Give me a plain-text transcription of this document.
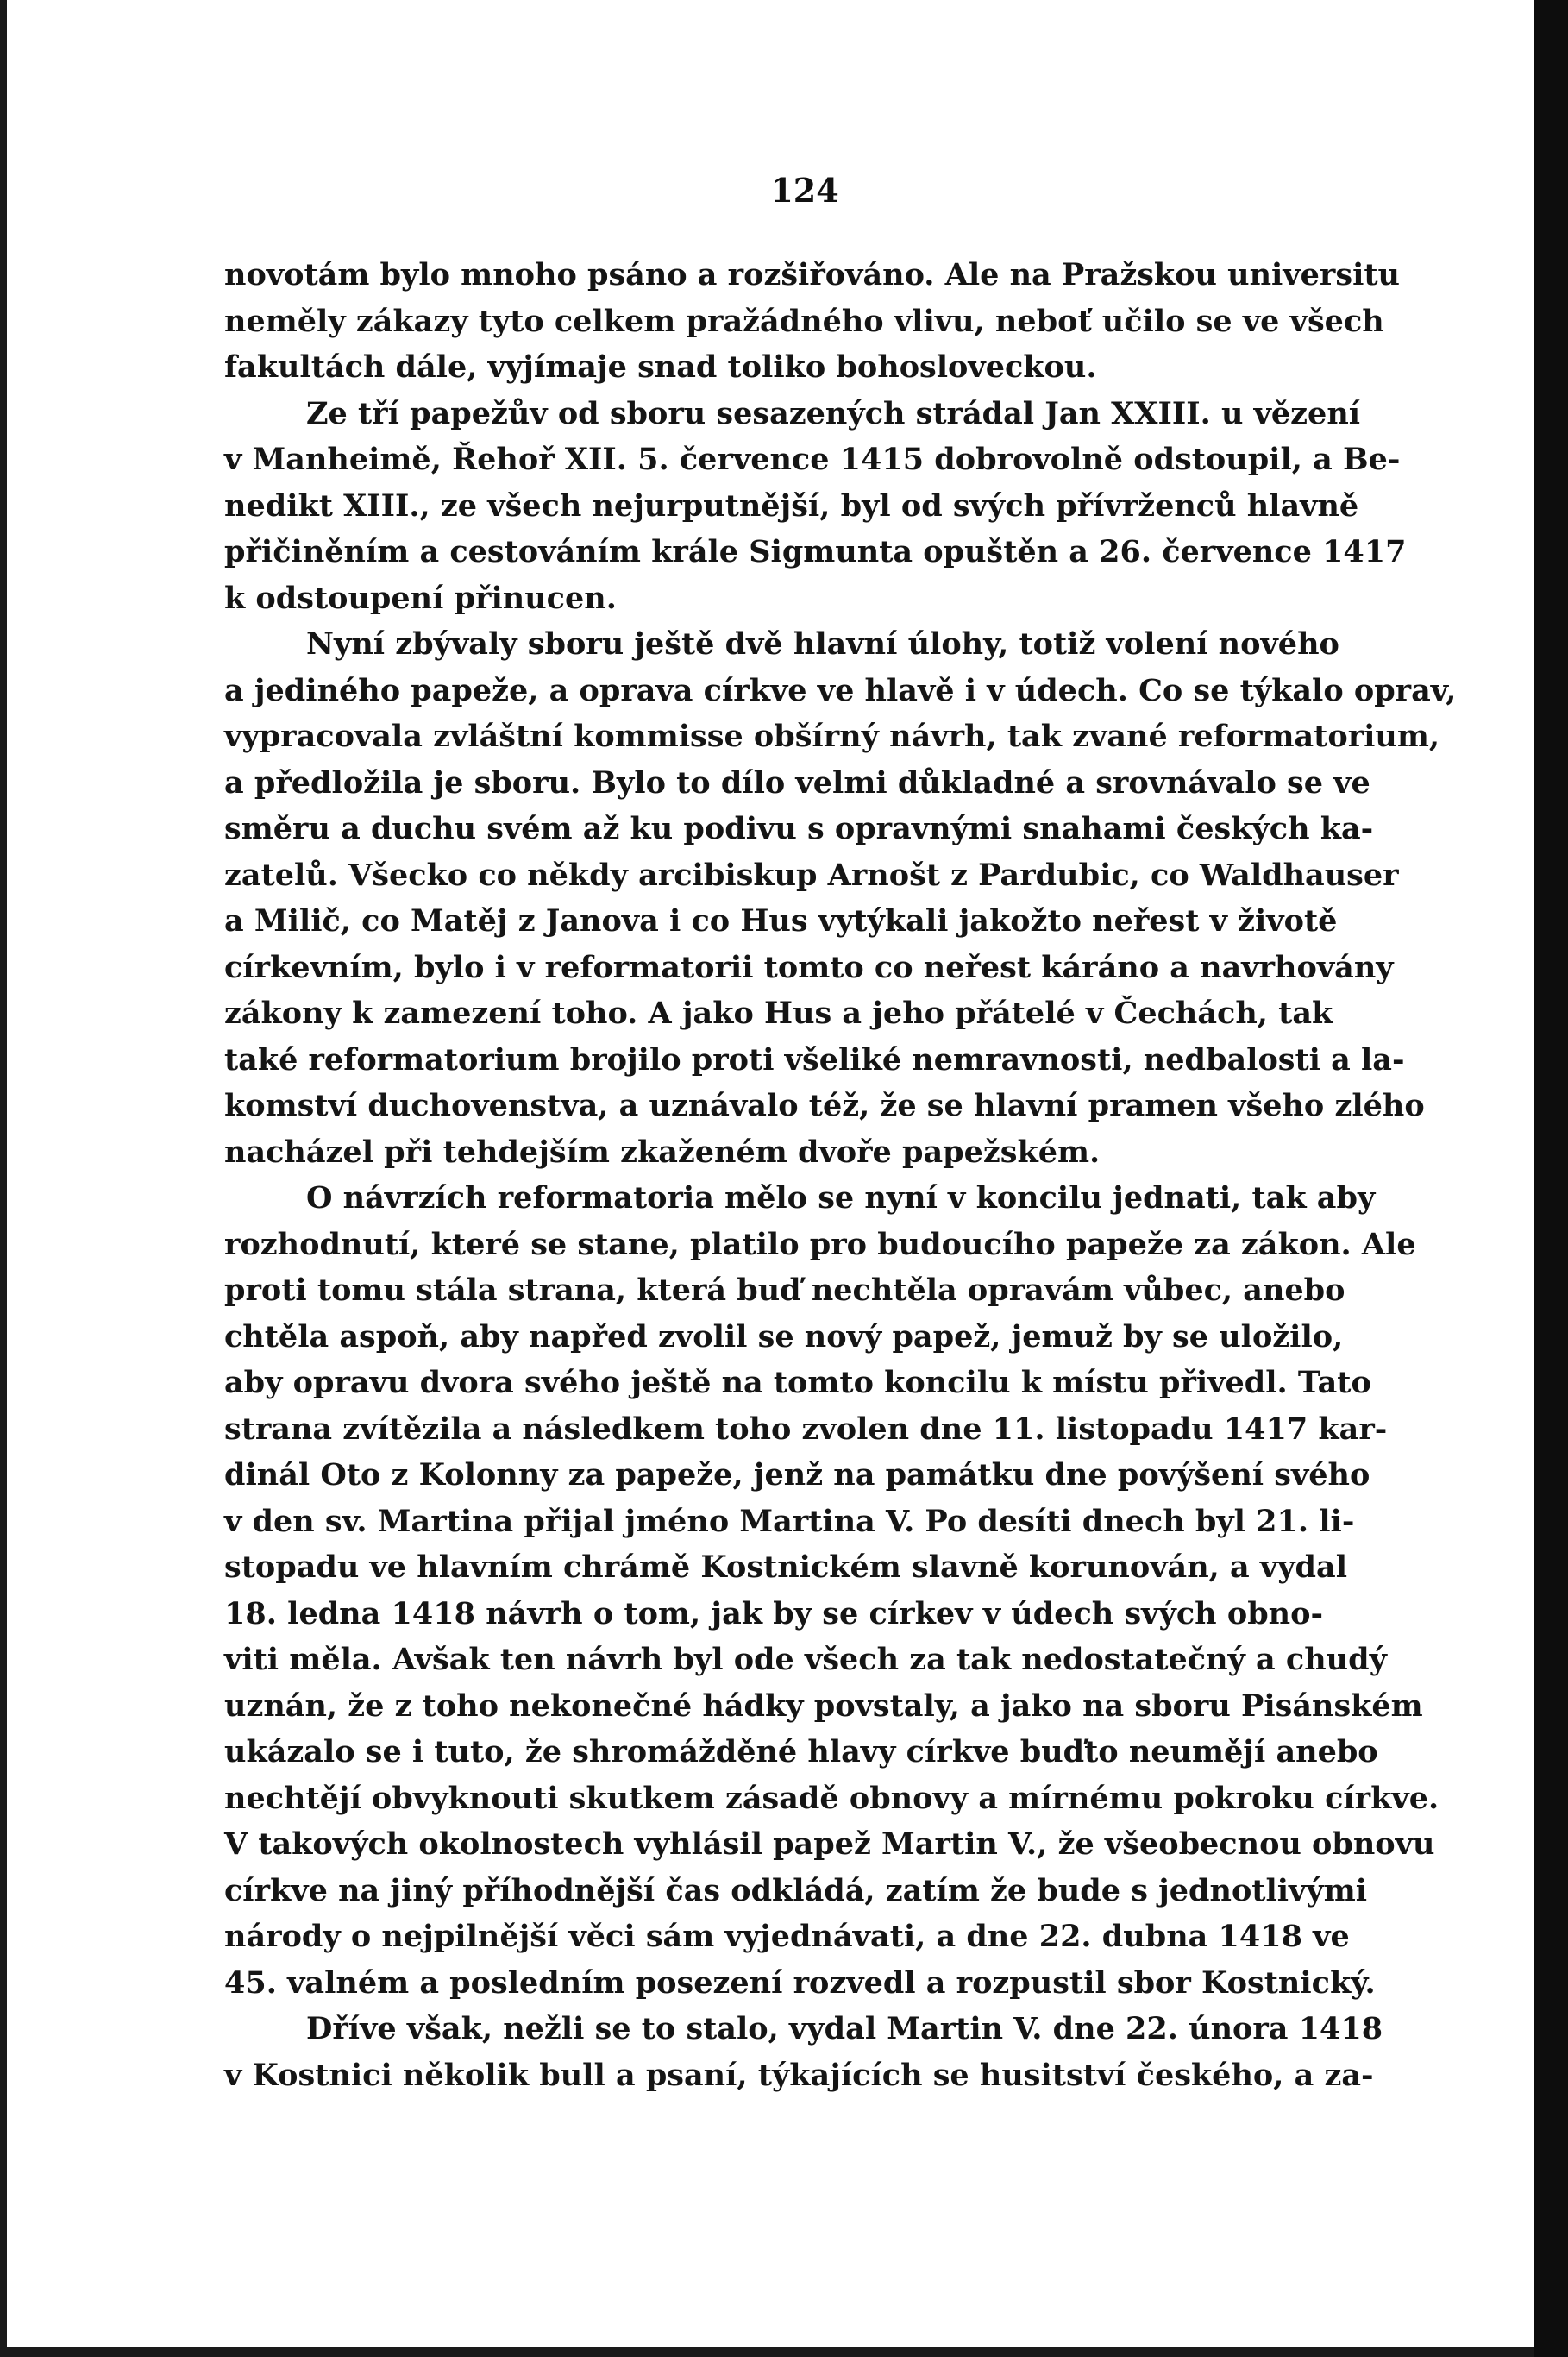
124
novotám bylo mnoho psáno a rozšiřováno. Ale na Pražskou universitu
neměly zákazy tyto celkem pražádného vlivu, neboť učilo se ve všech
fakultách dále, vyjímaje snad toliko bohosloveckou.
Ze tří papežův od sboru sesazených strádal Jan XXIII. u vězení
v Manheimě, Řehoř XII. 5. července 1415 dobrovolně odstoupil, a Be-
nedikt XIII., ze všech nejurputnější, byl od svých přívrženců hlavně
přičiněním a cestováním krále Sigmunta opuštěn a 26. července 1417
k odstoupení přinucen.
Nyní zbývaly sboru ještě dvě hlavní úlohy, totiž volení nového
a jediného papeže, a oprava církve ve hlavě i v údech. Co se týkalo oprav,
vypracovala zvláštní kommisse obšírný návrh, tak zvané reformatorium,
a předložila je sboru. Bylo to dílo velmi důkladné a srovnávalo se ve
směru a duchu svém až ku podivu s opravnými snahami českých ka-
zatelů. Všecko co někdy arcibiskup Arnošt z Pardubic, co Waldhauser
a Milič, co Matěj z Janova i co Hus vytýkali jakožto neřest v životě
církevním, bylo i v reformatorii tomto co neřest káráno a navrhovány
zákony k zamezení toho. A jako Hus a jeho přátelé v Čechách, tak
také reformatorium brojilo proti všeliké nemravnosti, nedbalosti a la-
komství duchovenstva, a uznávalo též, že se hlavní pramen všeho zlého
nacházel při tehdejším zkaženém dvoře papežském.
O návrzích reformatoria mělo se nyní v koncilu jednati, tak aby
rozhodnutí, které se stane, platilo pro budoucího papeže za zákon. Ale
proti tomu stála strana, která buď nechtěla opravám vůbec, anebo
chtěla aspoň, aby napřed zvolil se nový papež, jemuž by se uložilo,
aby opravu dvora svého ještě na tomto koncilu k místu přivedl. Tato
strana zvítězila a následkem toho zvolen dne 11. listopadu 1417 kar-
dinál Oto z Kolonny za papeže, jenž na památku dne povýšení svého
v den sv. Martina přijal jméno Martina V. Po desíti dnech byl 21. li-
stopadu ve hlavním chrámě Kostnickém slavně korunován, a vydal
18. ledna 1418 návrh o tom, jak by se církev v údech svých obno-
viti měla. Avšak ten návrh byl ode všech za tak nedostatečný a chudý
uznán, že z toho nekonečné hádky povstaly, a jako na sboru Pisánském
ukázalo se i tuto, že shromážděné hlavy církve buďto neumějí anebo
nechtějí obvyknouti skutkem zásadě obnovy a mírnému pokroku církve.
V takových okolnostech vyhlásil papež Martin V., že všeobecnou obnovu
církve na jiný příhodnější čas odkládá, zatím že bude s jednotlivými
národy o nejpilnější věci sám vyjednávati, a dne 22. dubna 1418 ve
45. valném a posledním posezení rozvedl a rozpustil sbor Kostnický.
Dříve však, nežli se to stalo, vydal Martin V. dne 22. února 1418
v Kostnici několik bull a psaní, týkajících se husitství českého, a za-
